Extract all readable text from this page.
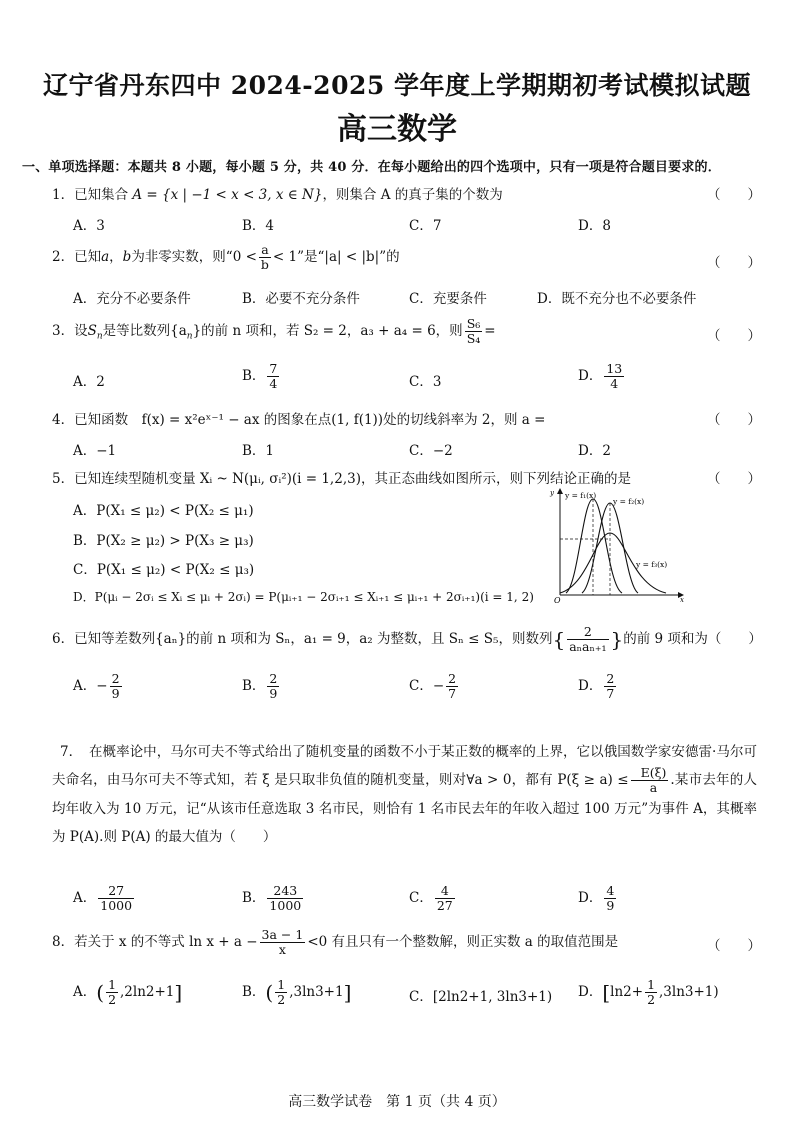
辽宁省丹东四中 2024-2025 学年度上学期期初考试模拟试题
高三数学
一、单项选择题：本题共 8 小题，每小题 5 分，共 40 分．在每小题给出的四个选项中，只有一项是符合题目要求的．
1．已知集合 A = {x | −1 < x < 3, x ∈ N}，则集合 A 的真子集的个数为	（　　）
A．3	B．4	C．7	D．8
2．已知a，b为非零实数，则“$0 < \frac{a}{b} < 1$”是“|a| < |b|”的	（　　）
A．充分不必要条件	B．必要不充分条件	C．充要条件	D．既不充分也不必要条件
3．设$S_n$是等比数列$\{a_n\}$的前 n 项和，若 S₂ = 2，a₃ + a₄ = 6，则 $\frac{\text{S₆}}{\text{S₄}}$ =	（　　）
A．2	B． $\frac{7}{4}$	C．3	D． $\frac{13}{4}$
4．已知函数　f(x) = x²eˣ⁻¹ − ax 的图象在点(1, f(1))处的切线斜率为 2，则 a =	（　　）
A．−1	B．1	C．−2	D．2
5．已知连续型随机变量 Xᵢ ~ N(μᵢ, σᵢ²)(i = 1,2,3)，其正态曲线如图所示，则下列结论正确的是	（　　）
A．P(X₁ ≤ μ₂) < P(X₂ ≤ μ₁)
B．P(X₂ ≥ μ₂) > P(X₃ ≥ μ₃)
C．P(X₁ ≤ μ₂) < P(X₂ ≤ μ₃)
D．P(μᵢ − 2σᵢ ≤ Xᵢ ≤ μᵢ + 2σᵢ) = P(μᵢ₊₁ − 2σᵢ₊₁ ≤ Xᵢ₊₁ ≤ μᵢ₊₁ + 2σᵢ₊₁)(i = 1, 2)
y = f₁(x)
y = f₂(x)
y = f₃(x)
O	x
y
6．已知等差数列{aₙ}的前 n 项和为 Sₙ，a₁ = 9，a₂ 为整数，且 Sₙ ≤ S₅，则数列{ $\frac{2}{\text{aₙaₙ₊₁}}$ }的前 9 项和为（　　）
A．− $\frac{2}{9}$	B． $\frac{2}{9}$	C．− $\frac{2}{7}$	D． $\frac{2}{7}$
7．　在概率论中，马尔可夫不等式给出了随机变量的函数不小于某正数的概率的上界，它以俄国数学家安德雷·马尔可夫命名，由马尔可夫不等式知，若 ξ 是只取非负值的随机变量，则对∀a > 0，都有 $P(\xi \ge a) \le \frac{E(\xi)}{a}$ .某市去年的人均年收入为 10 万元，记“从该市任意选取 3 名市民，则恰有 1 名市民去年的年收入超过 100 万元”为事件 A，其概率为 P(A).则 P(A) 的最大值为（　　）
A． $\frac{27}{1000}$	B． $\frac{243}{1000}$	C． $\frac{4}{27}$	D． $\frac{4}{9}$
8．若关于 x 的不等式 $\ln x + a - \frac{3a - 1}{x} <0$ 有且只有一个整数解，则正实数 a 的取值范围是	（　　）
A．( $\frac{1}{2} ,2\ln 2+1$]	B．( $\frac{1}{2} ,3\ln 3+1$]	C．[2ln2+1, 3ln3+1) D．$[\ln 2+ \frac{1}{2} ,3\ln 3+1)$
高三数学试卷　第 1 页（共 4 页）
